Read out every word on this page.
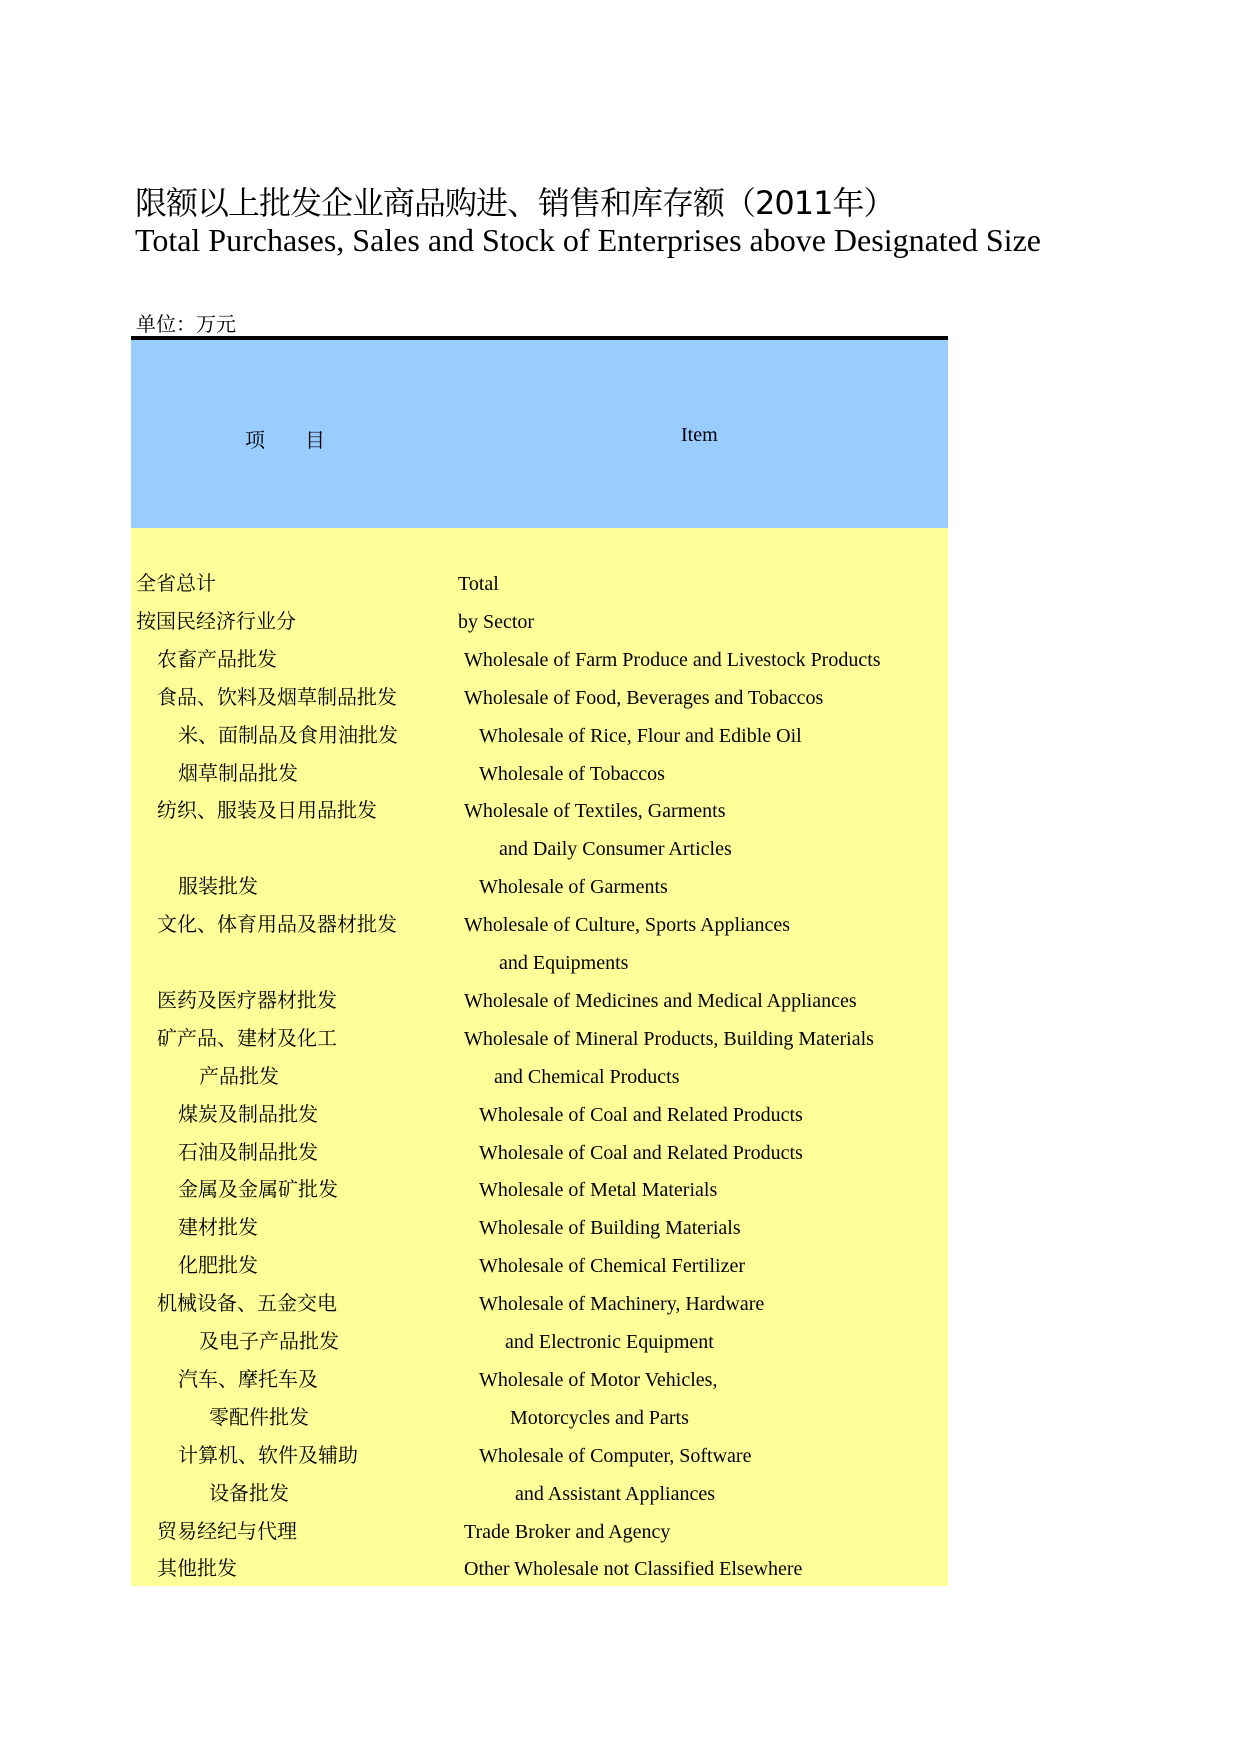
限额以上批发企业商品购进、销售和库存额（2011年）
Total Purchases, Sales and Stock of Enterprises above Designated Size
单位：万元
项　　目	Item
全省总计	Total
按国民经济行业分	by Sector
农畜产品批发	Wholesale of Farm Produce and Livestock Products
食品、饮料及烟草制品批发	Wholesale of Food, Beverages and Tobaccos
米、面制品及食用油批发	Wholesale of Rice, Flour and Edible Oil
烟草制品批发	Wholesale of Tobaccos
纺织、服装及日用品批发	Wholesale of Textiles, Garments
and Daily Consumer Articles
服装批发	Wholesale of Garments
文化、体育用品及器材批发	Wholesale of Culture, Sports Appliances
and Equipments
医药及医疗器材批发	Wholesale of Medicines and Medical Appliances
矿产品、建材及化工	Wholesale of Mineral Products, Building Materials
产品批发	and Chemical Products
煤炭及制品批发	Wholesale of Coal and Related Products
石油及制品批发	Wholesale of Coal and Related Products
金属及金属矿批发	Wholesale of Metal Materials
建材批发	Wholesale of Building Materials
化肥批发	Wholesale of Chemical Fertilizer
机械设备、五金交电	Wholesale of Machinery, Hardware
及电子产品批发	and Electronic Equipment
汽车、摩托车及	Wholesale of Motor Vehicles,
零配件批发	Motorcycles and Parts
计算机、软件及辅助	Wholesale of Computer, Software
设备批发	and Assistant Appliances
贸易经纪与代理	Trade Broker and Agency
其他批发	Other Wholesale not Classified Elsewhere
